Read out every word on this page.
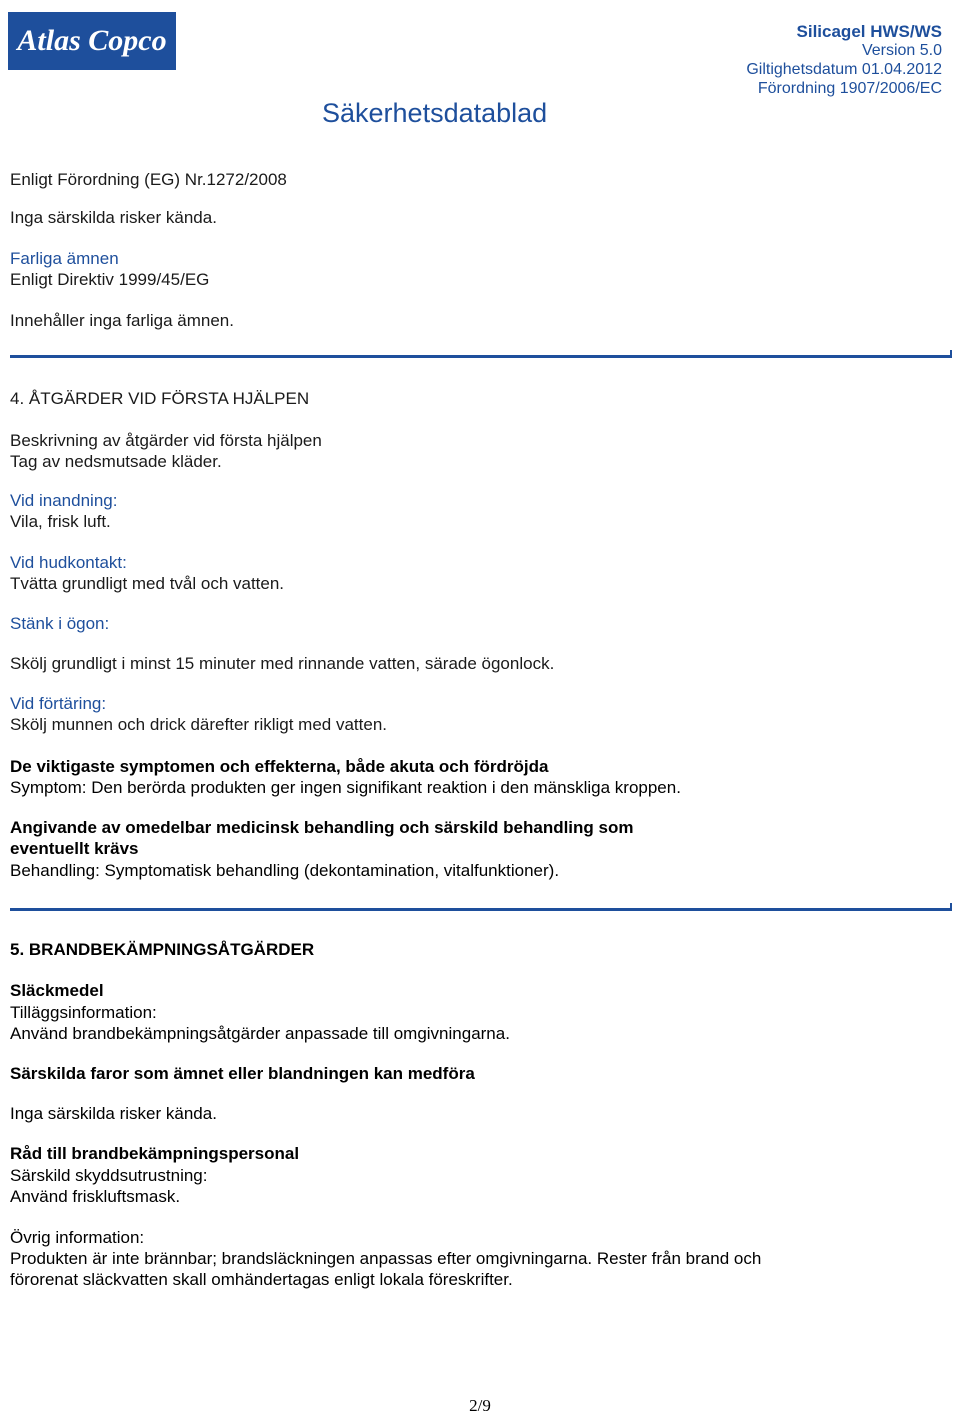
Atlas Copco
Säkerhetsdatablad
Silicagel HWS/WS
Version 5.0
Giltighetsdatum 01.04.2012
Förordning 1907/2006/EC
Enligt Förordning (EG) Nr.1272/2008
Inga särskilda risker kända.
Farliga ämnen
Enligt Direktiv 1999/45/EG
Innehåller inga farliga ämnen.
4. ÅTGÄRDER VID FÖRSTA HJÄLPEN
Beskrivning av åtgärder vid första hjälpen
Tag av nedsmutsade kläder.
Vid inandning:
Vila, frisk luft.
Vid hudkontakt:
Tvätta grundligt med tvål och vatten.
Stänk i ögon:
Skölj grundligt i minst 15 minuter med rinnande vatten, särade ögonlock.
Vid förtäring:
Skölj munnen och drick därefter rikligt med vatten.
De viktigaste symptomen och effekterna, både akuta och fördröjda
Symptom: Den berörda produkten ger ingen signifikant reaktion i den mänskliga kroppen.
Angivande av omedelbar medicinsk behandling och särskild behandling som
eventuellt krävs
Behandling: Symptomatisk behandling (dekontamination, vitalfunktioner).
5. BRANDBEKÄMPNINGSÅTGÄRDER
Släckmedel
Tilläggsinformation:
Använd brandbekämpningsåtgärder anpassade till omgivningarna.
Särskilda faror som ämnet eller blandningen kan medföra
Inga särskilda risker kända.
Råd till brandbekämpningspersonal
Särskild skyddsutrustning:
Använd friskluftsmask.
Övrig information:
Produkten är inte brännbar; brandsläckningen anpassas efter omgivningarna. Rester från brand och
förorenat släckvatten skall omhändertagas enligt lokala föreskrifter.
2/9
